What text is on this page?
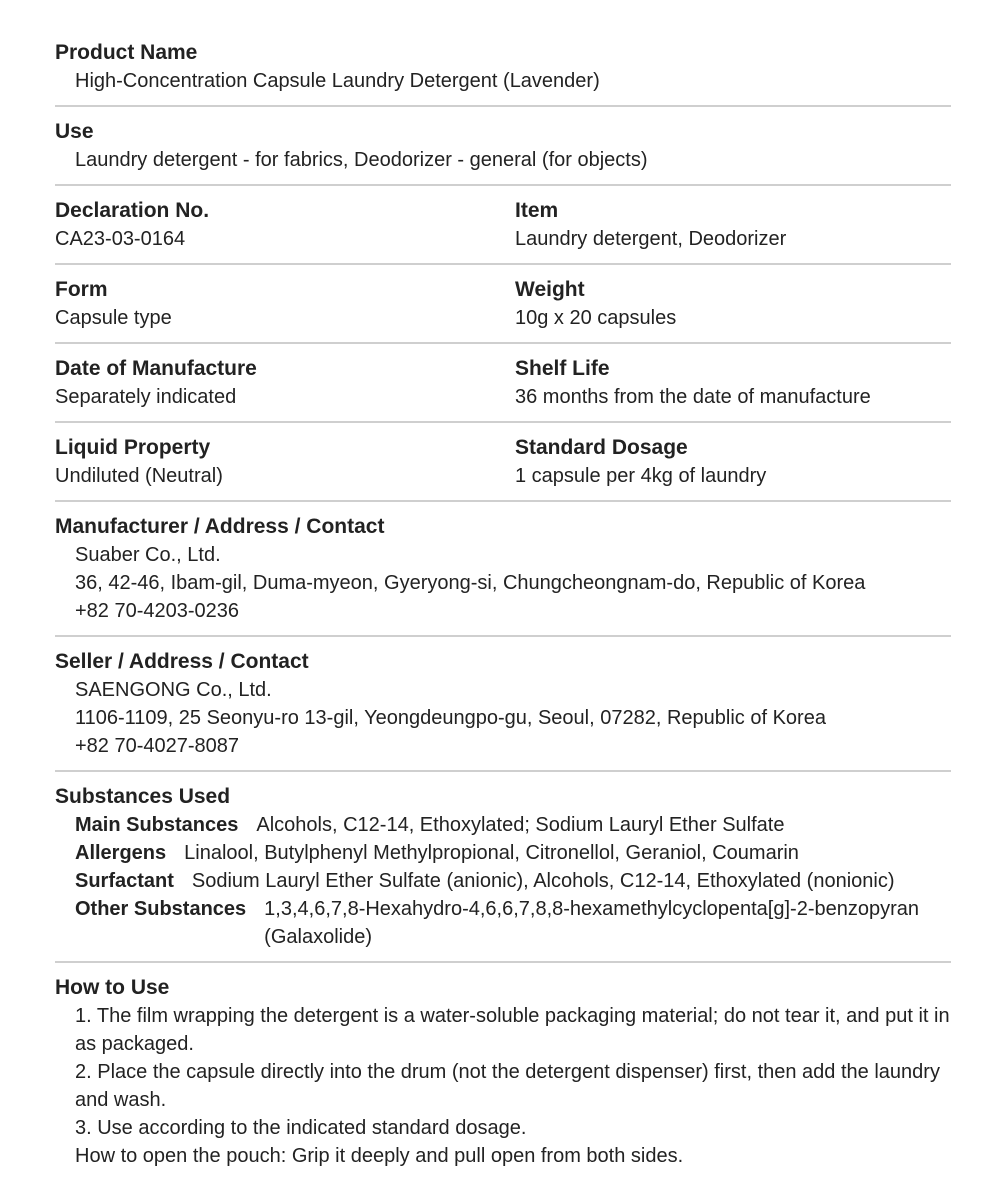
Product Name
High-Concentration Capsule Laundry Detergent (Lavender)
Use
Laundry detergent - for fabrics, Deodorizer - general (for objects)
Declaration No.
CA23-03-0164
Item
Laundry detergent, Deodorizer
Form
Capsule type
Weight
10g x 20 capsules
Date of Manufacture
Separately indicated
Shelf Life
36 months from the date of manufacture
Liquid Property
Undiluted (Neutral)
Standard Dosage
1 capsule per 4kg of laundry
Manufacturer / Address / Contact
Suaber Co., Ltd.
36, 42-46, Ibam-gil, Duma-myeon, Gyeryong-si, Chungcheongnam-do, Republic of Korea
+82 70-4203-0236
Seller / Address / Contact
SAENGONG Co., Ltd.
1106-1109, 25 Seonyu-ro 13-gil, Yeongdeungpo-gu, Seoul, 07282, Republic of Korea
+82 70-4027-8087
Substances Used
Main Substances Alcohols, C12-14, Ethoxylated; Sodium Lauryl Ether Sulfate
Allergens Linalool, Butylphenyl Methylpropional, Citronellol, Geraniol, Coumarin
Surfactant Sodium Lauryl Ether Sulfate (anionic), Alcohols, C12-14, Ethoxylated (nonionic)
Other Substances 1,3,4,6,7,8-Hexahydro-4,6,6,7,8,8-hexamethylcyclopenta[g]-2-benzopyran (Galaxolide)
How to Use
1. The film wrapping the detergent is a water-soluble packaging material; do not tear it, and put it in as packaged.
2. Place the capsule directly into the drum (not the detergent dispenser) first, then add the laundry and wash.
3. Use according to the indicated standard dosage.
How to open the pouch: Grip it deeply and pull open from both sides.
